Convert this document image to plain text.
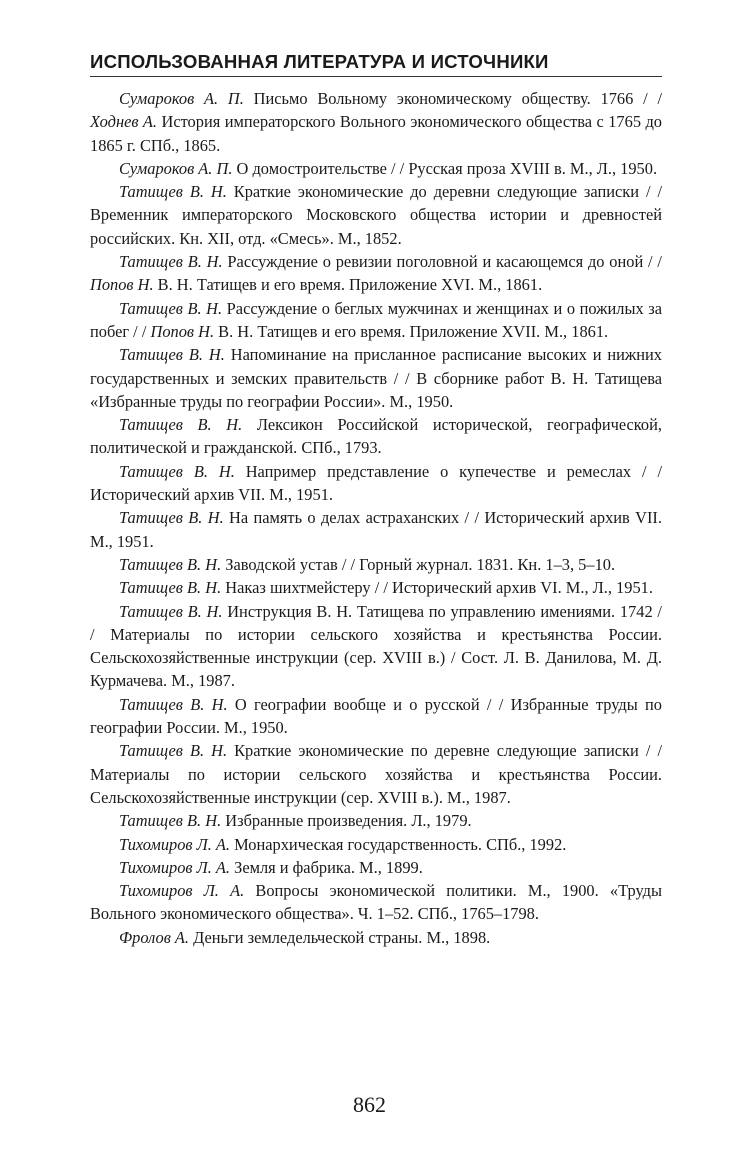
ИСПОЛЬЗОВАННАЯ ЛИТЕРАТУРА И ИСТОЧНИКИ

Сумароков А. П. Письмо Вольному экономическому обществу. 1766 / / Ходнев А. История императорского Вольного экономического общества с 1765 до 1865 г. СПб., 1865.

Сумароков А. П. О домостроительстве / / Русская проза XVIII в. М., Л., 1950.

Татищев В. Н. Краткие экономические до деревни следующие записки / / Временник императорского Московского общества истории и древностей российских. Кн. XII, отд. «Смесь». М., 1852.

Татищев В. Н. Рассуждение о ревизии поголовной и касающемся до оной / / Попов Н. В. Н. Татищев и его время. Приложение XVI. М., 1861.

Татищев В. Н. Рассуждение о беглых мужчинах и женщинах и о пожилых за побег / / Попов Н. В. Н. Татищев и его время. Приложение XVII. М., 1861.

Татищев В. Н. Напоминание на присланное расписание высоких и нижних государственных и земских правительств / / В сборнике работ В. Н. Татищева «Избранные труды по географии России». М., 1950.

Татищев В. Н. Лексикон Российской исторической, географической, политической и гражданской. СПб., 1793.

Татищев В. Н. Например представление о купечестве и ремеслах / / Исторический архив VII. М., 1951.

Татищев В. Н. На память о делах астраханских / / Исторический архив VII. М., 1951.

Татищев В. Н. Заводской устав / / Горный журнал. 1831. Кн. 1–3, 5–10.

Татищев В. Н. Наказ шихтмейстеру / / Исторический архив VI. М., Л., 1951.

Татищев В. Н. Инструкция В. Н. Татищева по управлению имениями. 1742 / / Материалы по истории сельского хозяйства и крестьянства России. Сельскохозяйственные инструкции (сер. XVIII в.) / Сост. Л. В. Данилова, М. Д. Курмачева. М., 1987.

Татищев В. Н. О географии вообще и о русской / / Избранные труды по географии России. М., 1950.

Татищев В. Н. Краткие экономические по деревне следующие записки / / Материалы по истории сельского хозяйства и крестьянства России. Сельскохозяйственные инструкции (сер. XVIII в.). М., 1987.

Татищев В. Н. Избранные произведения. Л., 1979.

Тихомиров Л. А. Монархическая государственность. СПб., 1992.

Тихомиров Л. А. Земля и фабрика. М., 1899.

Тихомиров Л. А. Вопросы экономической политики. М., 1900. «Труды Вольного экономического общества». Ч. 1–52. СПб., 1765–1798.

Фролов А. Деньги земледельческой страны. М., 1898.

862
